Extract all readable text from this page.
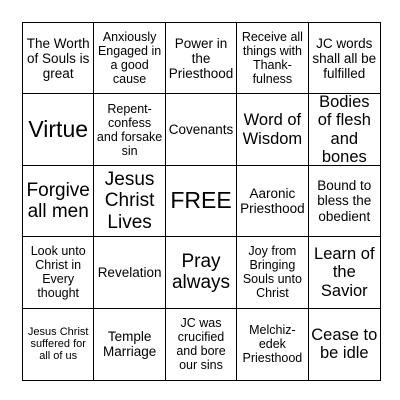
The Worth of Souls is great
Anxiously Engaged in a good cause
Power in the Priesthood
Receive all things with Thank-fulness
JC words shall all be fulfilled
Virtue
Repent-confess and forsake sin
Covenants
Word of Wisdom
Bodies of flesh and bones
Forgive all men
Jesus Christ Lives
FREE	Aaronic Priesthood
Bound to bless the obedient
Look unto Christ in Every thought
Revelation
Pray always
Joy from Bringing Souls unto Christ
Learn of the Savior
Jesus Christ suffered for all of us
Temple Marriage
JC was crucified and bore our sins
Melchiz-edek Priesthood
Cease to be idle
